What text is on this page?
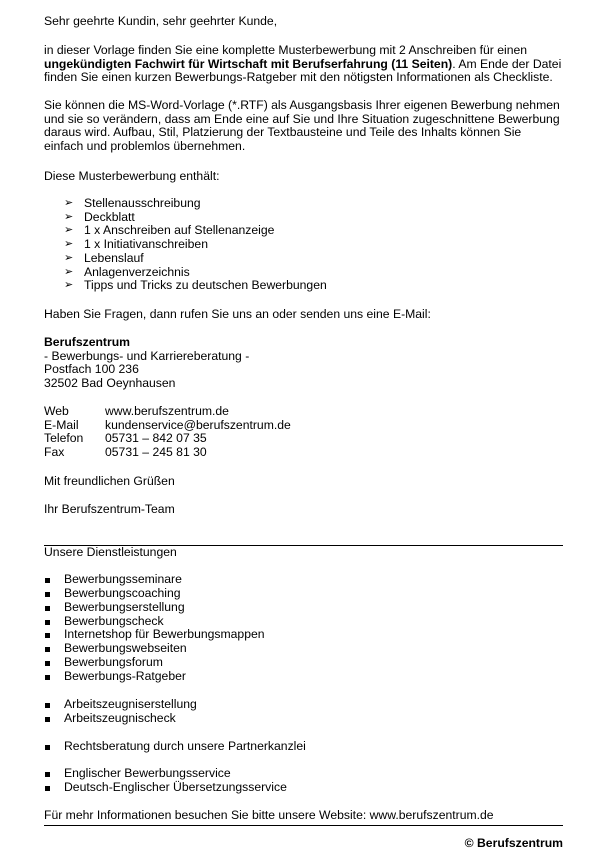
Sehr geehrte Kundin, sehr geehrter Kunde,

in dieser Vorlage finden Sie eine komplette Musterbewerbung mit 2 Anschreiben für einen ungekündigten Fachwirt für Wirtschaft mit Berufserfahrung (11 Seiten). Am Ende der Datei finden Sie einen kurzen Bewerbungs-Ratgeber mit den nötigsten Informationen als Checkliste.

Sie können die MS-Word-Vorlage (*.RTF) als Ausgangsbasis Ihrer eigenen Bewerbung nehmen und sie so verändern, dass am Ende eine auf Sie und Ihre Situation zugeschnittene Bewerbung daraus wird. Aufbau, Stil, Platzierung der Textbausteine und Teile des Inhalts können Sie einfach und problemlos übernehmen.

Diese Musterbewerbung enthält:

➢ Stellenausschreibung
➢ Deckblatt
➢ 1 x Anschreiben auf Stellenanzeige
➢ 1 x Initiativanschreiben
➢ Lebenslauf
➢ Anlagenverzeichnis
➢ Tipps und Tricks zu deutschen Bewerbungen

Haben Sie Fragen, dann rufen Sie uns an oder senden uns eine E-Mail:

Berufszentrum

- Bewerbungs- und Karriereberatung -

Postfach 100 236

32502 Bad Oeynhausen

Web	www.berufszentrum.de
E-Mail	kundenservice@berufszentrum.de
Telefon	05731 – 842 07 35
Fax	05731 – 245 81 30

Mit freundlichen Grüßen

Ihr Berufszentrum-Team

Unsere Dienstleistungen

Bewerbungsseminare
Bewerbungscoaching
Bewerbungserstellung
Bewerbungscheck
Internetshop für Bewerbungsmappen
Bewerbungswebseiten
Bewerbungsforum
Bewerbungs-Ratgeber
Arbeitszeugniserstellung
Arbeitszeugnischeck
Rechtsberatung durch unsere Partnerkanzlei
Englischer Bewerbungsservice
Deutsch-Englischer Übersetzungsservice

Für mehr Informationen besuchen Sie bitte unsere Website: www.berufszentrum.de

© Berufszentrum
